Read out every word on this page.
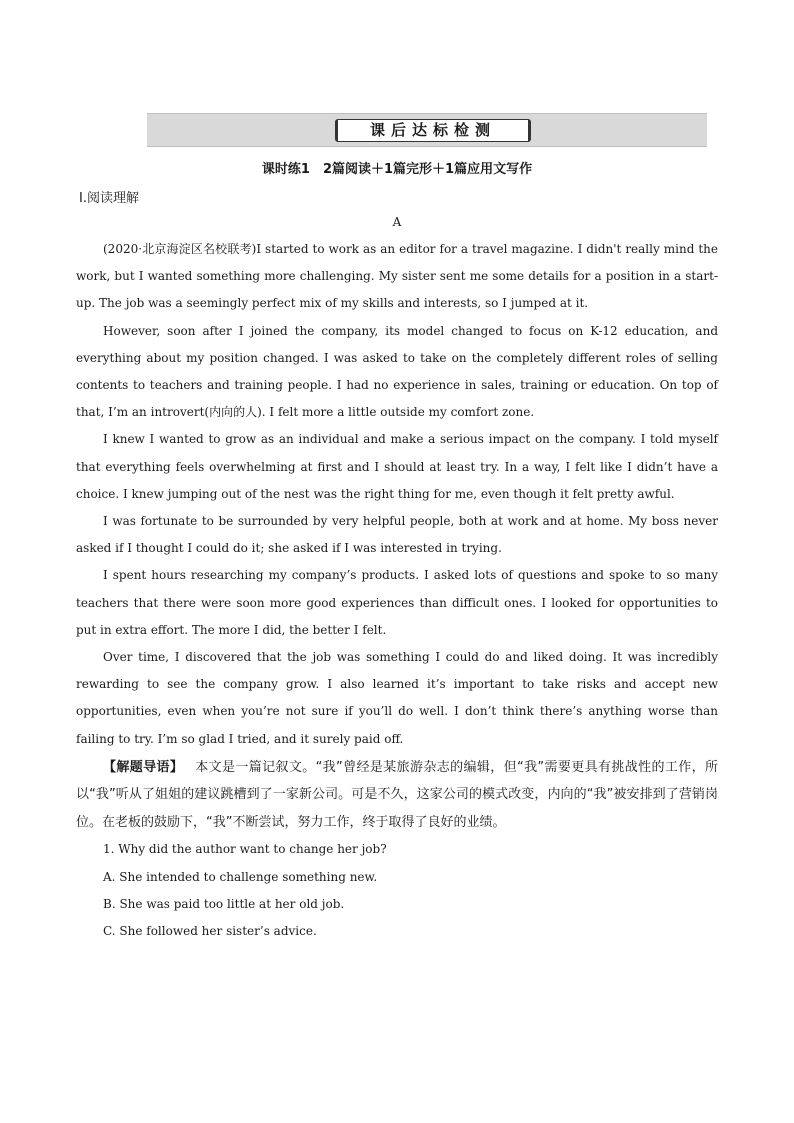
课后达标检测
课时练1　2篇阅读＋1篇完形＋1篇应用文写作
Ⅰ.阅读理解
A

(2020·北京海淀区名校联考)I started to work as an editor for a travel magazine. I didn't really mind the work, but I wanted something more challenging. My sister sent me some details for a position in a start-up. The job was a seemingly perfect mix of my skills and interests, so I jumped at it.

However, soon after I joined the company, its model changed to focus on K-12 education, and everything about my position changed. I was asked to take on the completely different roles of selling contents to teachers and training people. I had no experience in sales, training or education. On top of that, I’m an introvert(内向的人). I felt more a little outside my comfort zone.

I knew I wanted to grow as an individual and make a serious impact on the company. I told myself that everything feels overwhelming at first and I should at least try. In a way, I felt like I didn’t have a choice. I knew jumping out of the nest was the right thing for me, even though it felt pretty awful.

I was fortunate to be surrounded by very helpful people, both at work and at home. My boss never asked if I thought I could do it; she asked if I was interested in trying.

I spent hours researching my company’s products. I asked lots of questions and spoke to so many teachers that there were soon more good experiences than difficult ones. I looked for opportunities to put in extra effort. The more I did, the better I felt.

Over time, I discovered that the job was something I could do and liked doing. It was incredibly rewarding to see the company grow. I also learned it’s important to take risks and accept new opportunities, even when you’re not sure if you’ll do well. I don’t think there’s anything worse than failing to try. I’m so glad I tried, and it surely paid off.

【解题导语】 本文是一篇记叙文。“我”曾经是某旅游杂志的编辑，但“我”需要更具有挑战性的工作，所以“我”听从了姐姐的建议跳槽到了一家新公司。可是不久，这家公司的模式改变，内向的“我”被安排到了营销岗位。在老板的鼓励下，“我”不断尝试，努力工作，终于取得了良好的业绩。

1. Why did the author want to change her job?

A. She intended to challenge something new.

B. She was paid too little at her old job.

C. She followed her sister’s advice.
